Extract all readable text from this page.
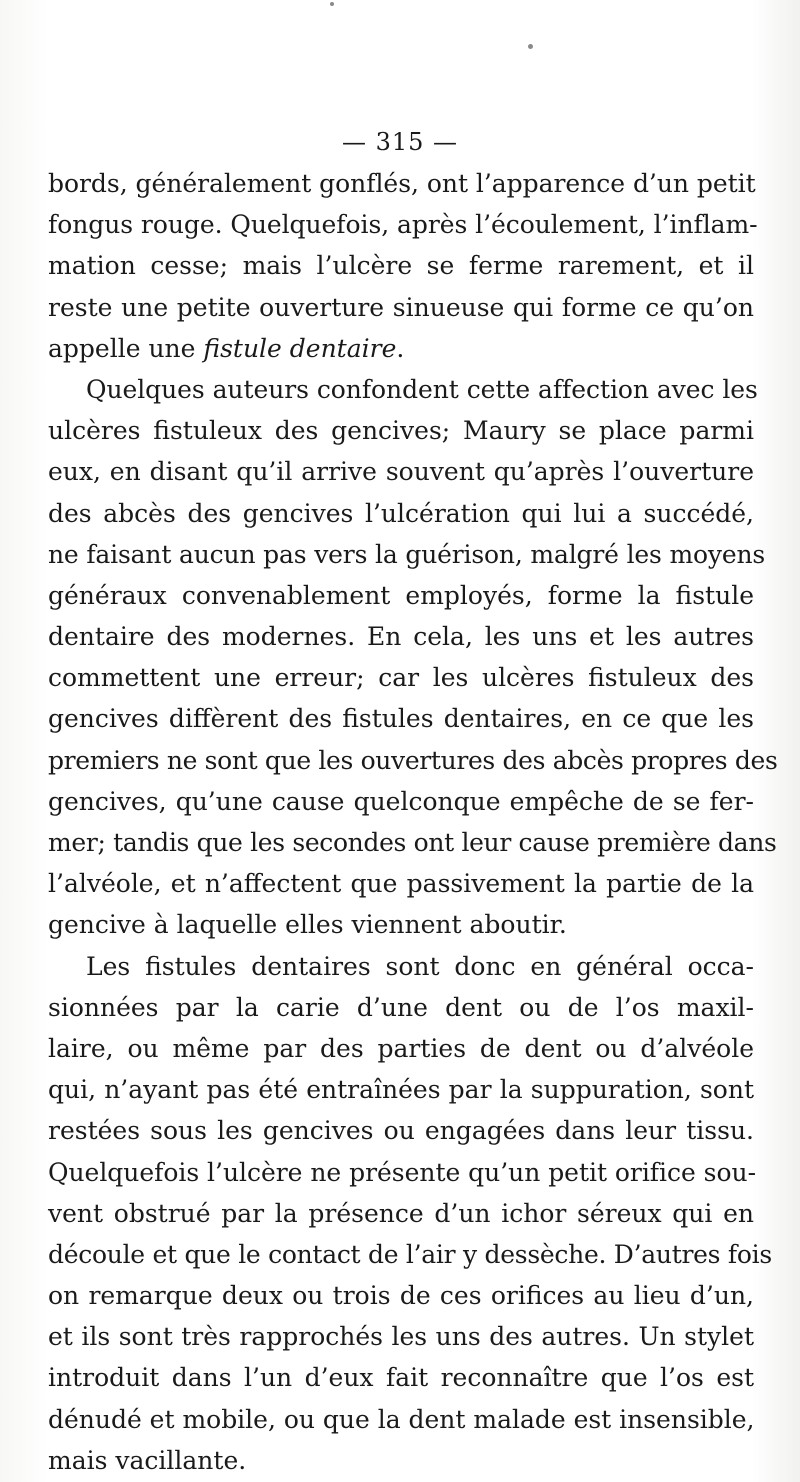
— 315 —
bords, généralement gonflés, ont l’apparence d’un petit
fongus rouge. Quelquefois, après l’écoulement, l’inflam-
mation cesse; mais l’ulcère se ferme rarement, et il
reste une petite ouverture sinueuse qui forme ce qu’on
appelle une fistule dentaire.
Quelques auteurs confondent cette affection avec les
ulcères fistuleux des gencives; Maury se place parmi
eux, en disant qu’il arrive souvent qu’après l’ouverture
des abcès des gencives l’ulcération qui lui a succédé,
ne faisant aucun pas vers la guérison, malgré les moyens
généraux convenablement employés, forme la fistule
dentaire des modernes. En cela, les uns et les autres
commettent une erreur; car les ulcères fistuleux des
gencives diffèrent des fistules dentaires, en ce que les
premiers ne sont que les ouvertures des abcès propres des
gencives, qu’une cause quelconque empêche de se fer-
mer; tandis que les secondes ont leur cause première dans
l’alvéole, et n’affectent que passivement la partie de la
gencive à laquelle elles viennent aboutir.
Les fistules dentaires sont donc en général occa-
sionnées par la carie d’une dent ou de l’os maxil-
laire, ou même par des parties de dent ou d’alvéole
qui, n’ayant pas été entraînées par la suppuration, sont
restées sous les gencives ou engagées dans leur tissu.
Quelquefois l’ulcère ne présente qu’un petit orifice sou-
vent obstrué par la présence d’un ichor séreux qui en
découle et que le contact de l’air y dessèche. D’autres fois
on remarque deux ou trois de ces orifices au lieu d’un,
et ils sont très rapprochés les uns des autres. Un stylet
introduit dans l’un d’eux fait reconnaître que l’os est
dénudé et mobile, ou que la dent malade est insensible,
mais vacillante.
